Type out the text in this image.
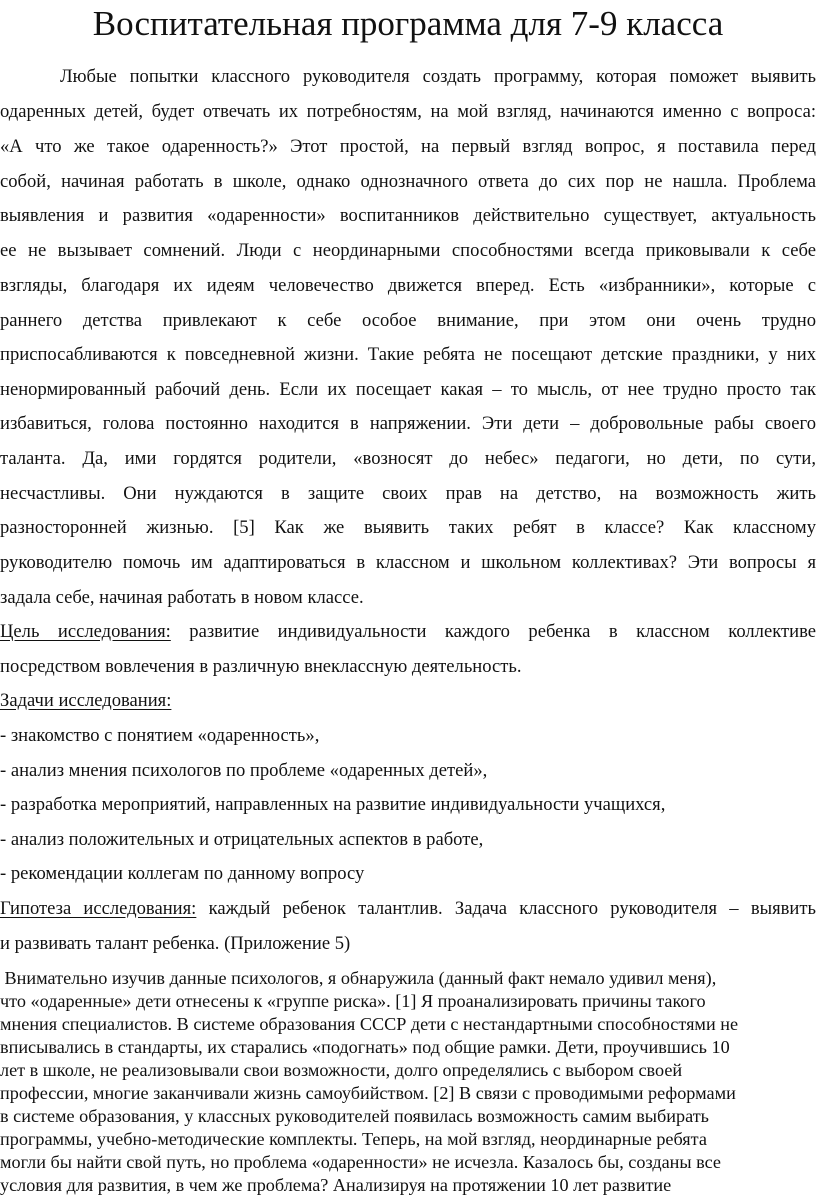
Воспитательная программа для 7-9 класса
Любые попытки классного руководителя создать программу, которая поможет выявить
одаренных детей, будет отвечать их потребностям, на мой взгляд, начинаются именно с вопроса:
«А что же такое одаренность?» Этот простой, на первый взгляд вопрос, я поставила перед
собой, начиная работать в школе, однако однозначного ответа до сих пор не нашла. Проблема
выявления и развития «одаренности» воспитанников действительно существует, актуальность
ее не вызывает сомнений. Люди с неординарными способностями всегда приковывали к себе
взгляды, благодаря их идеям человечество движется вперед. Есть «избранники», которые с
раннего детства привлекают к себе особое внимание, при этом они очень трудно
приспосабливаются к повседневной жизни. Такие ребята не посещают детские праздники, у них
ненормированный рабочий день. Если их посещает какая – то мысль, от нее трудно просто так
избавиться, голова постоянно находится в напряжении. Эти дети – добровольные рабы своего
таланта. Да, ими гордятся родители, «возносят до небес» педагоги, но дети, по сути,
несчастливы. Они нуждаются в защите своих прав на детство, на возможность жить
разносторонней жизнью. [5] Как же выявить таких ребят в классе? Как классному
руководителю помочь им адаптироваться в классном и школьном коллективах? Эти вопросы я
задала себе, начиная работать в новом классе.
Цель исследования: развитие индивидуальности каждого ребенка в классном коллективе
посредством вовлечения в различную внеклассную деятельность.
Задачи исследования:
- знакомство с понятием «одаренность»,
- анализ мнения психологов по проблеме «одаренных детей»,
- разработка мероприятий, направленных на развитие индивидуальности учащихся,
- анализ положительных и отрицательных аспектов в работе,
- рекомендации коллегам по данному вопросу
Гипотеза исследования: каждый ребенок талантлив. Задача классного руководителя – выявить
и развивать талант ребенка. (Приложение 5)
Внимательно изучив данные психологов, я обнаружила (данный факт немало удивил меня),
что «одаренные» дети отнесены к «группе риска». [1] Я проанализировать причины такого
мнения специалистов. В системе образования СССР дети с нестандартными способностями не
вписывались в стандарты, их старались «подогнать» под общие рамки. Дети, проучившись 10
лет в школе, не реализовывали свои возможности, долго определялись с выбором своей
профессии, многие заканчивали жизнь самоубийством. [2] В связи с проводимыми реформами
в системе образования, у классных руководителей появилась возможность самим выбирать
программы, учебно-методические комплекты. Теперь, на мой взгляд, неординарные ребята
могли бы найти свой путь, но проблема «одаренности» не исчезла. Казалось бы, созданы все
условия для развития, в чем же проблема? Анализируя на протяжении 10 лет развитие
